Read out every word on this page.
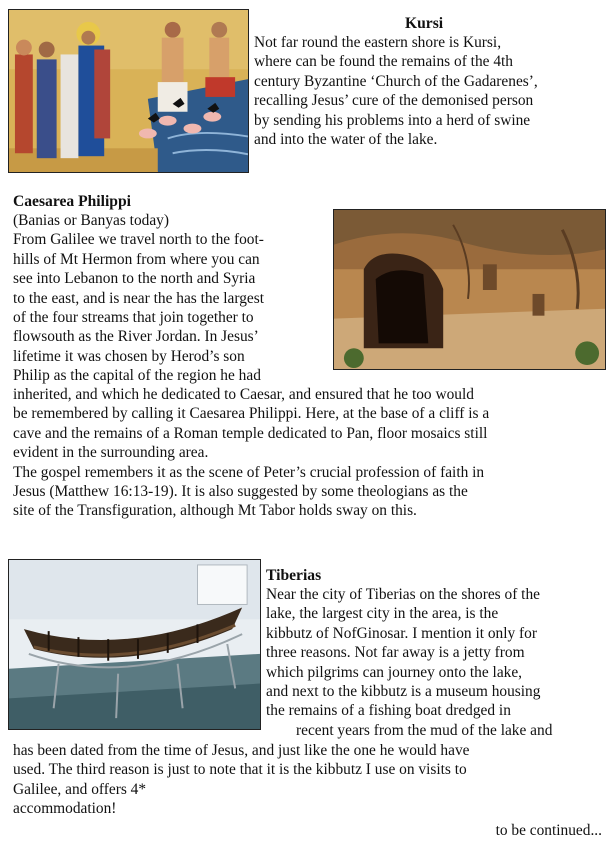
Kursi
Not far round the eastern shore is Kursi,
where can be found the remains of the 4th
century Byzantine ‘Church of the Gadarenes’,
recalling Jesus’ cure of the demonised person
by sending his problems into a herd of swine
and into the water of the lake.
Caesarea Philippi
(Banias or Banyas today)
From Galilee we travel north to the foot-
hills of Mt Hermon from where you can
see into Lebanon to the north and Syria
to the east, and is near the has the largest
of the four streams that join together to
flowsouth as the River Jordan. In Jesus’
lifetime it was chosen by Herod’s son
Philip as the capital of the region he had
inherited, and which he dedicated to Caesar, and ensured that he too would
be remembered by calling it Caesarea Philippi. Here, at the base of a cliff is a
cave and the remains of a Roman temple dedicated to Pan, floor mosaics still
evident in the surrounding area.
The gospel remembers it as the scene of Peter’s crucial profession of faith in
Jesus (Matthew 16:13-19). It is also suggested by some theologians as the
site of the Transfiguration, although Mt Tabor holds sway on this.
Tiberias
Near the city of Tiberias on the shores of the
lake, the largest city in the area, is the
kibbutz of NofGinosar. I mention it only for
three reasons. Not far away is a jetty from
which pilgrims can journey onto the lake,
and next to the kibbutz is a museum housing
the remains of a fishing boat dredged in
recent years from the mud of the lake and
has been dated from the time of Jesus, and just like the one he would have
used. The third reason is just to note that it is the kibbutz I use on visits to
Galilee, and offers 4*
accommodation!
to be continued...
